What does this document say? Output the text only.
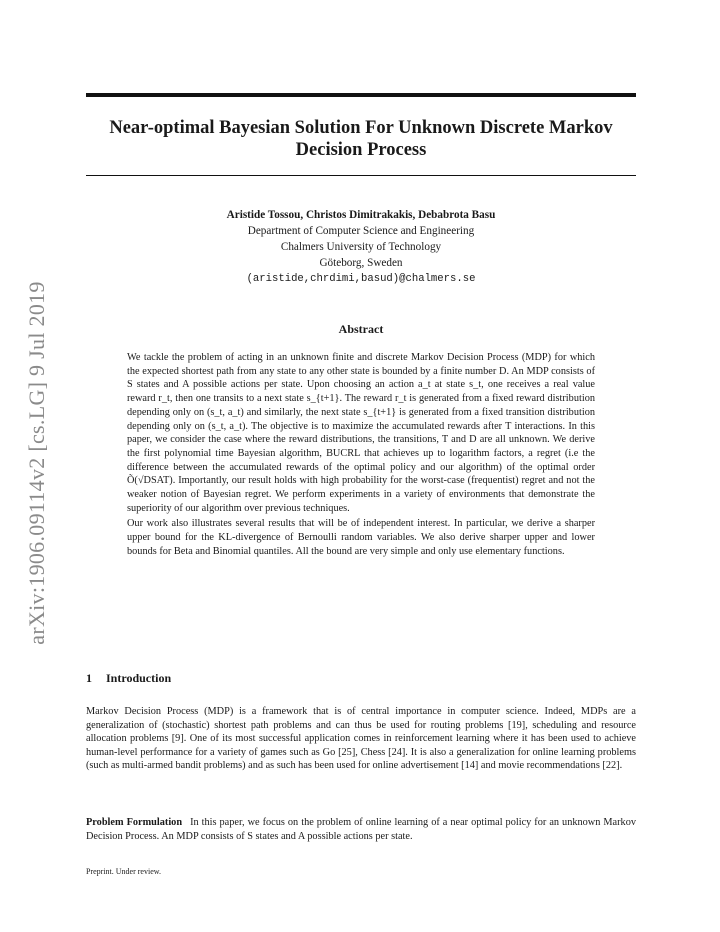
arXiv:1906.09114v2 [cs.LG] 9 Jul 2019
Near-optimal Bayesian Solution For Unknown Discrete Markov Decision Process
Aristide Tossou, Christos Dimitrakakis, Debabrota Basu
Department of Computer Science and Engineering
Chalmers University of Technology
Göteborg, Sweden
(aristide,chrdimi,basud)@chalmers.se
Abstract

We tackle the problem of acting in an unknown finite and discrete Markov Decision Process (MDP) for which the expected shortest path from any state to any other state is bounded by a finite number D. An MDP consists of S states and A possible actions per state. Upon choosing an action a_t at state s_t, one receives a real value reward r_t, then one transits to a next state s_{t+1}. The reward r_t is generated from a fixed reward distribution depending only on (s_t, a_t) and similarly, the next state s_{t+1} is generated from a fixed transition distribution depending only on (s_t, a_t). The objective is to maximize the accumulated rewards after T interactions. In this paper, we consider the case where the reward distributions, the transitions, T and D are all unknown. We derive the first polynomial time Bayesian algorithm, BUCRL that achieves up to logarithm factors, a regret (i.e the difference between the accumulated rewards of the optimal policy and our algorithm) of the optimal order Õ(√DSAT). Importantly, our result holds with high probability for the worst-case (frequentist) regret and not the weaker notion of Bayesian regret. We perform experiments in a variety of environments that demonstrate the superiority of our algorithm over previous techniques.

Our work also illustrates several results that will be of independent interest. In particular, we derive a sharper upper bound for the KL-divergence of Bernoulli random variables. We also derive sharper upper and lower bounds for Beta and Binomial quantiles. All the bound are very simple and only use elementary functions.

1 Introduction

Markov Decision Process (MDP) is a framework that is of central importance in computer science. Indeed, MDPs are a generalization of (stochastic) shortest path problems and can thus be used for routing problems [19], scheduling and resource allocation problems [9]. One of its most successful application comes in reinforcement learning where it has been used to achieve human-level performance for a variety of games such as Go [25], Chess [24]. It is also a generalization for online learning problems (such as multi-armed bandit problems) and as such has been used for online advertisement [14] and movie recommendations [22].

Problem Formulation In this paper, we focus on the problem of online learning of a near optimal policy for an unknown Markov Decision Process. An MDP consists of S states and A possible actions per state.

Preprint. Under review.
